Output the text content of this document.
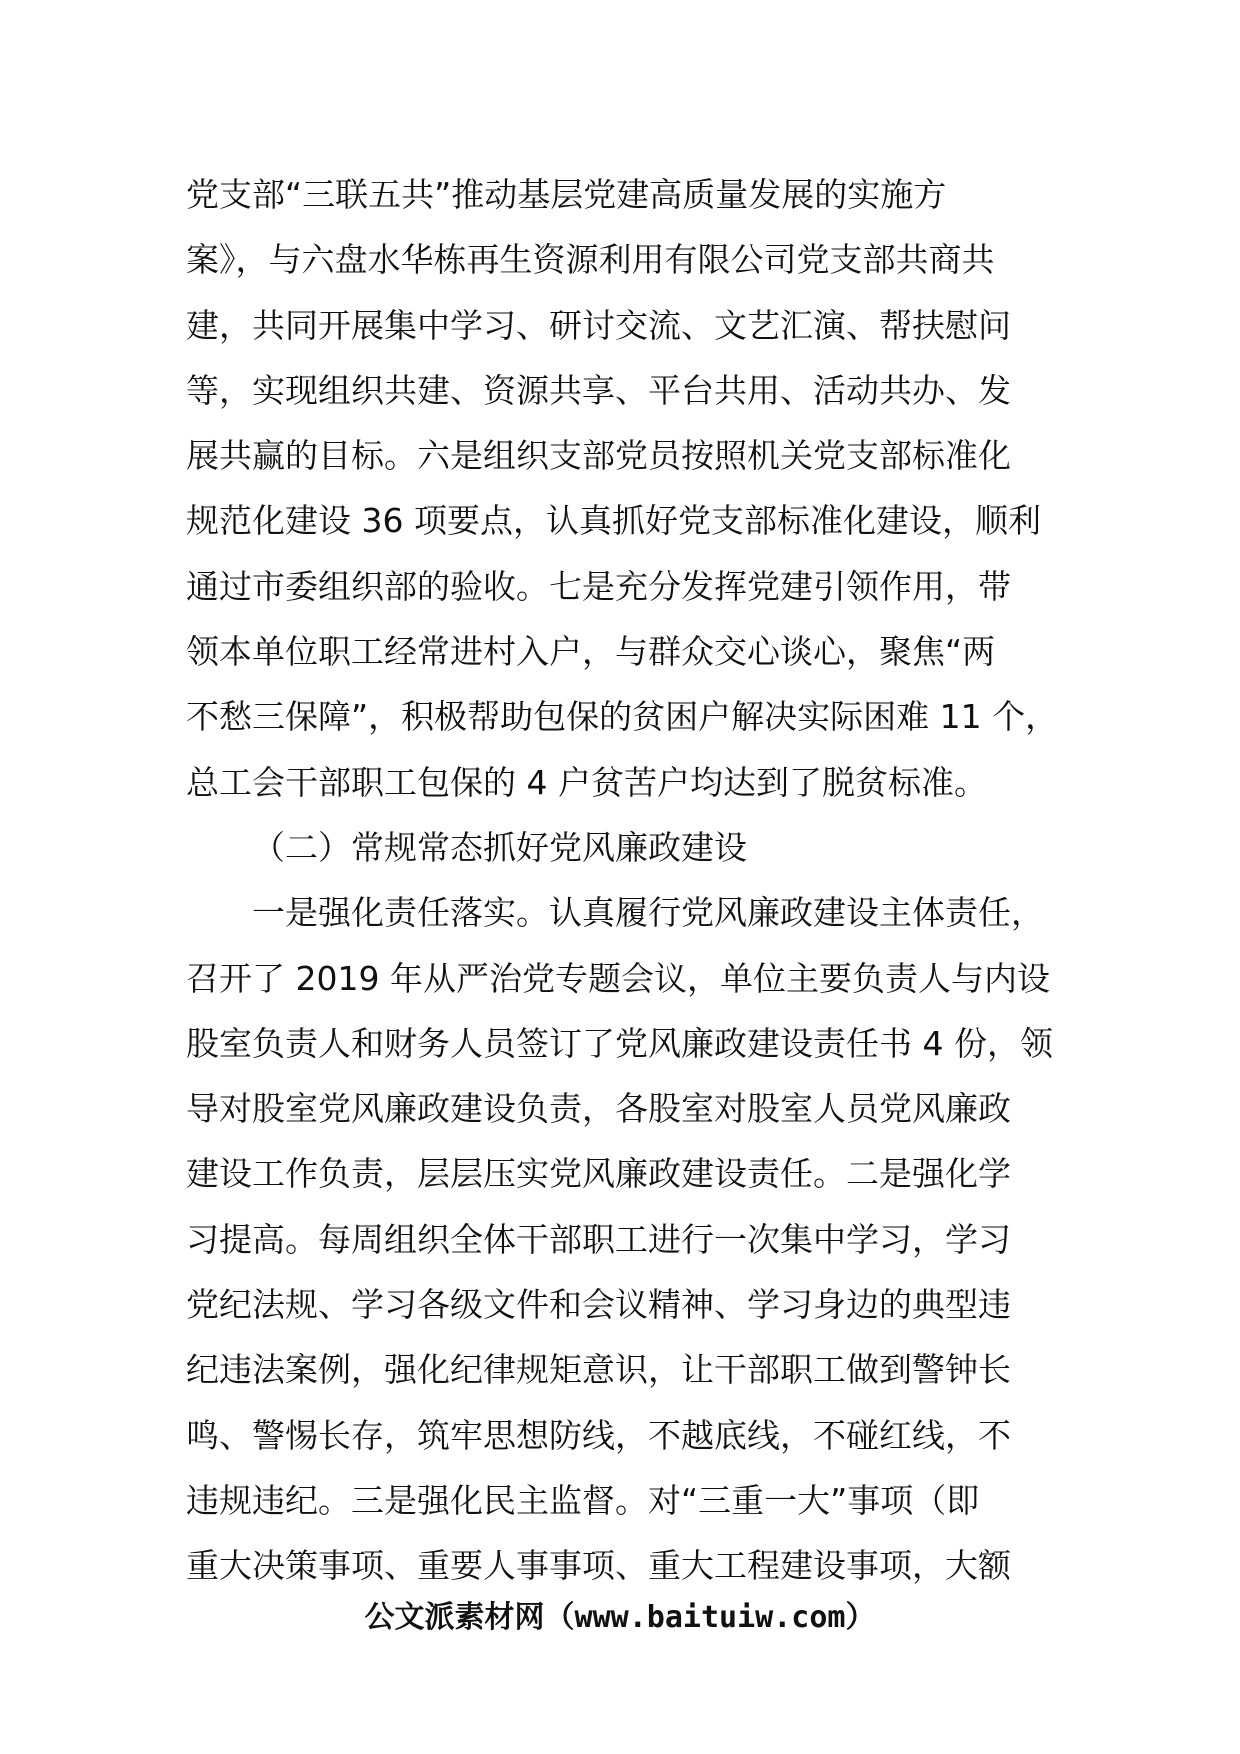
党支部“三联五共”推动基层党建高质量发展的实施方
案》，与六盘水华栋再生资源利用有限公司党支部共商共
建，共同开展集中学习、研讨交流、文艺汇演、帮扶慰问
等，实现组织共建、资源共享、平台共用、活动共办、发
展共赢的目标。六是组织支部党员按照机关党支部标准化
规范化建设 36 项要点，认真抓好党支部标准化建设，顺利
通过市委组织部的验收。七是充分发挥党建引领作用，带
领本单位职工经常进村入户，与群众交心谈心，聚焦“两
不愁三保障”，积极帮助包保的贫困户解决实际困难 11 个，
总工会干部职工包保的 4 户贫苦户均达到了脱贫标准。
（二）常规常态抓好党风廉政建设
一是强化责任落实。认真履行党风廉政建设主体责任，
召开了 2019 年从严治党专题会议，单位主要负责人与内设
股室负责人和财务人员签订了党风廉政建设责任书 4 份，领
导对股室党风廉政建设负责，各股室对股室人员党风廉政
建设工作负责，层层压实党风廉政建设责任。二是强化学
习提高。每周组织全体干部职工进行一次集中学习，学习
党纪法规、学习各级文件和会议精神、学习身边的典型违
纪违法案例，强化纪律规矩意识，让干部职工做到警钟长
鸣、警惕长存，筑牢思想防线，不越底线，不碰红线，不
违规违纪。三是强化民主监督。对“三重一大”事项（即
重大决策事项、重要人事事项、重大工程建设事项，大额
公文派素材网（www.baituiw.com）
